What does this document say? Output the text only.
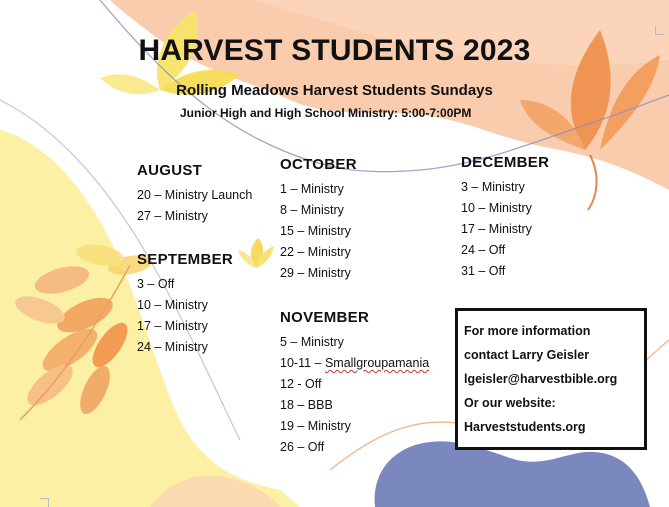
HARVEST STUDENTS 2023
Rolling Meadows Harvest Students Sundays
Junior High and High School Ministry: 5:00-7:00PM
AUGUST
20 – Ministry Launch
27 – Ministry
SEPTEMBER
3 – Off
10 – Ministry
17 – Ministry
24 – Ministry
OCTOBER
1 – Ministry
8 – Ministry
15 – Ministry
22 – Ministry
29 – Ministry
NOVEMBER
5 – Ministry
10-11 – Smallgroupamania
12 - Off
18 – BBB
19 – Ministry
26 – Off
DECEMBER
3 – Ministry
10 – Ministry
17 – Ministry
24 – Off
31 – Off

For more information

contact Larry Geisler

lgeisler@harvestbible.org

Or our website:

Harveststudents.org
